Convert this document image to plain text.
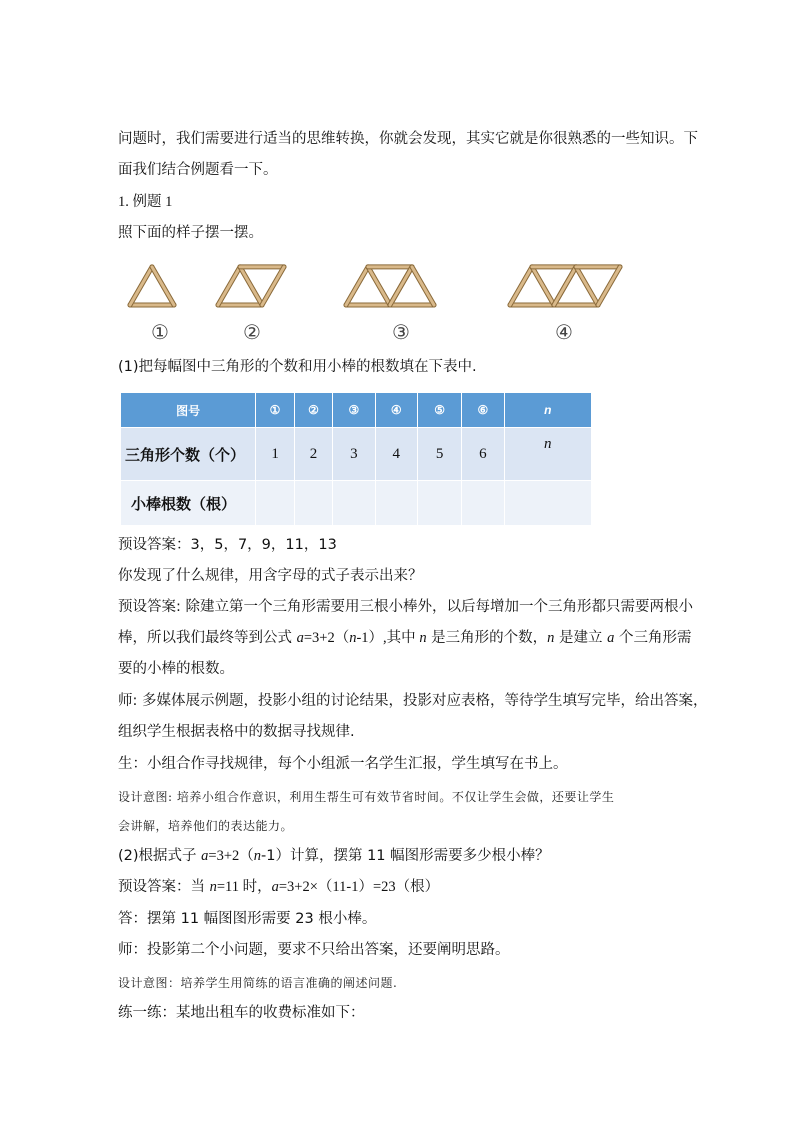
问题时，我们需要进行适当的思维转换，你就会发现，其实它就是你很熟悉的一些知识。下
面我们结合例题看一下。
1. 例题 1
照下面的样子摆一摆。
①	②	③	④
(1)把每幅图中三角形的个数和用小棒的根数填在下表中.
图号	①	②	③	④	⑤	⑥	n
三角形个数（个）	1	2	3	4	5	6	n
小棒根数（根）							
预设答案：3，5，7，9，11，13
你发现了什么规律，用含字母的式子表示出来？
预设答案: 除建立第一个三角形需要用三根小棒外，以后每增加一个三角形都只需要两根小
棒，所以我们最终等到公式 a=3+2（n-1）,其中 n 是三角形的个数，n 是建立 a 个三角形需
要的小棒的根数。
师: 多媒体展示例题，投影小组的讨论结果，投影对应表格，等待学生填写完毕，给出答案，
组织学生根据表格中的数据寻找规律.
生：小组合作寻找规律，每个小组派一名学生汇报，学生填写在书上。
设计意图: 培养小组合作意识，利用生帮生可有效节省时间。不仅让学生会做，还要让学生
会讲解，培养他们的表达能力。
(2)根据式子 a=3+2（n-1）计算，摆第 11 幅图形需要多少根小棒？
预设答案：当 n=11 时，a=3+2×（11-1）=23（根）
答：摆第 11 幅图图形需要 23 根小棒。
师：投影第二个小问题，要求不只给出答案，还要阐明思路。
设计意图：培养学生用简练的语言准确的阐述问题.
练一练：某地出租车的收费标准如下：
